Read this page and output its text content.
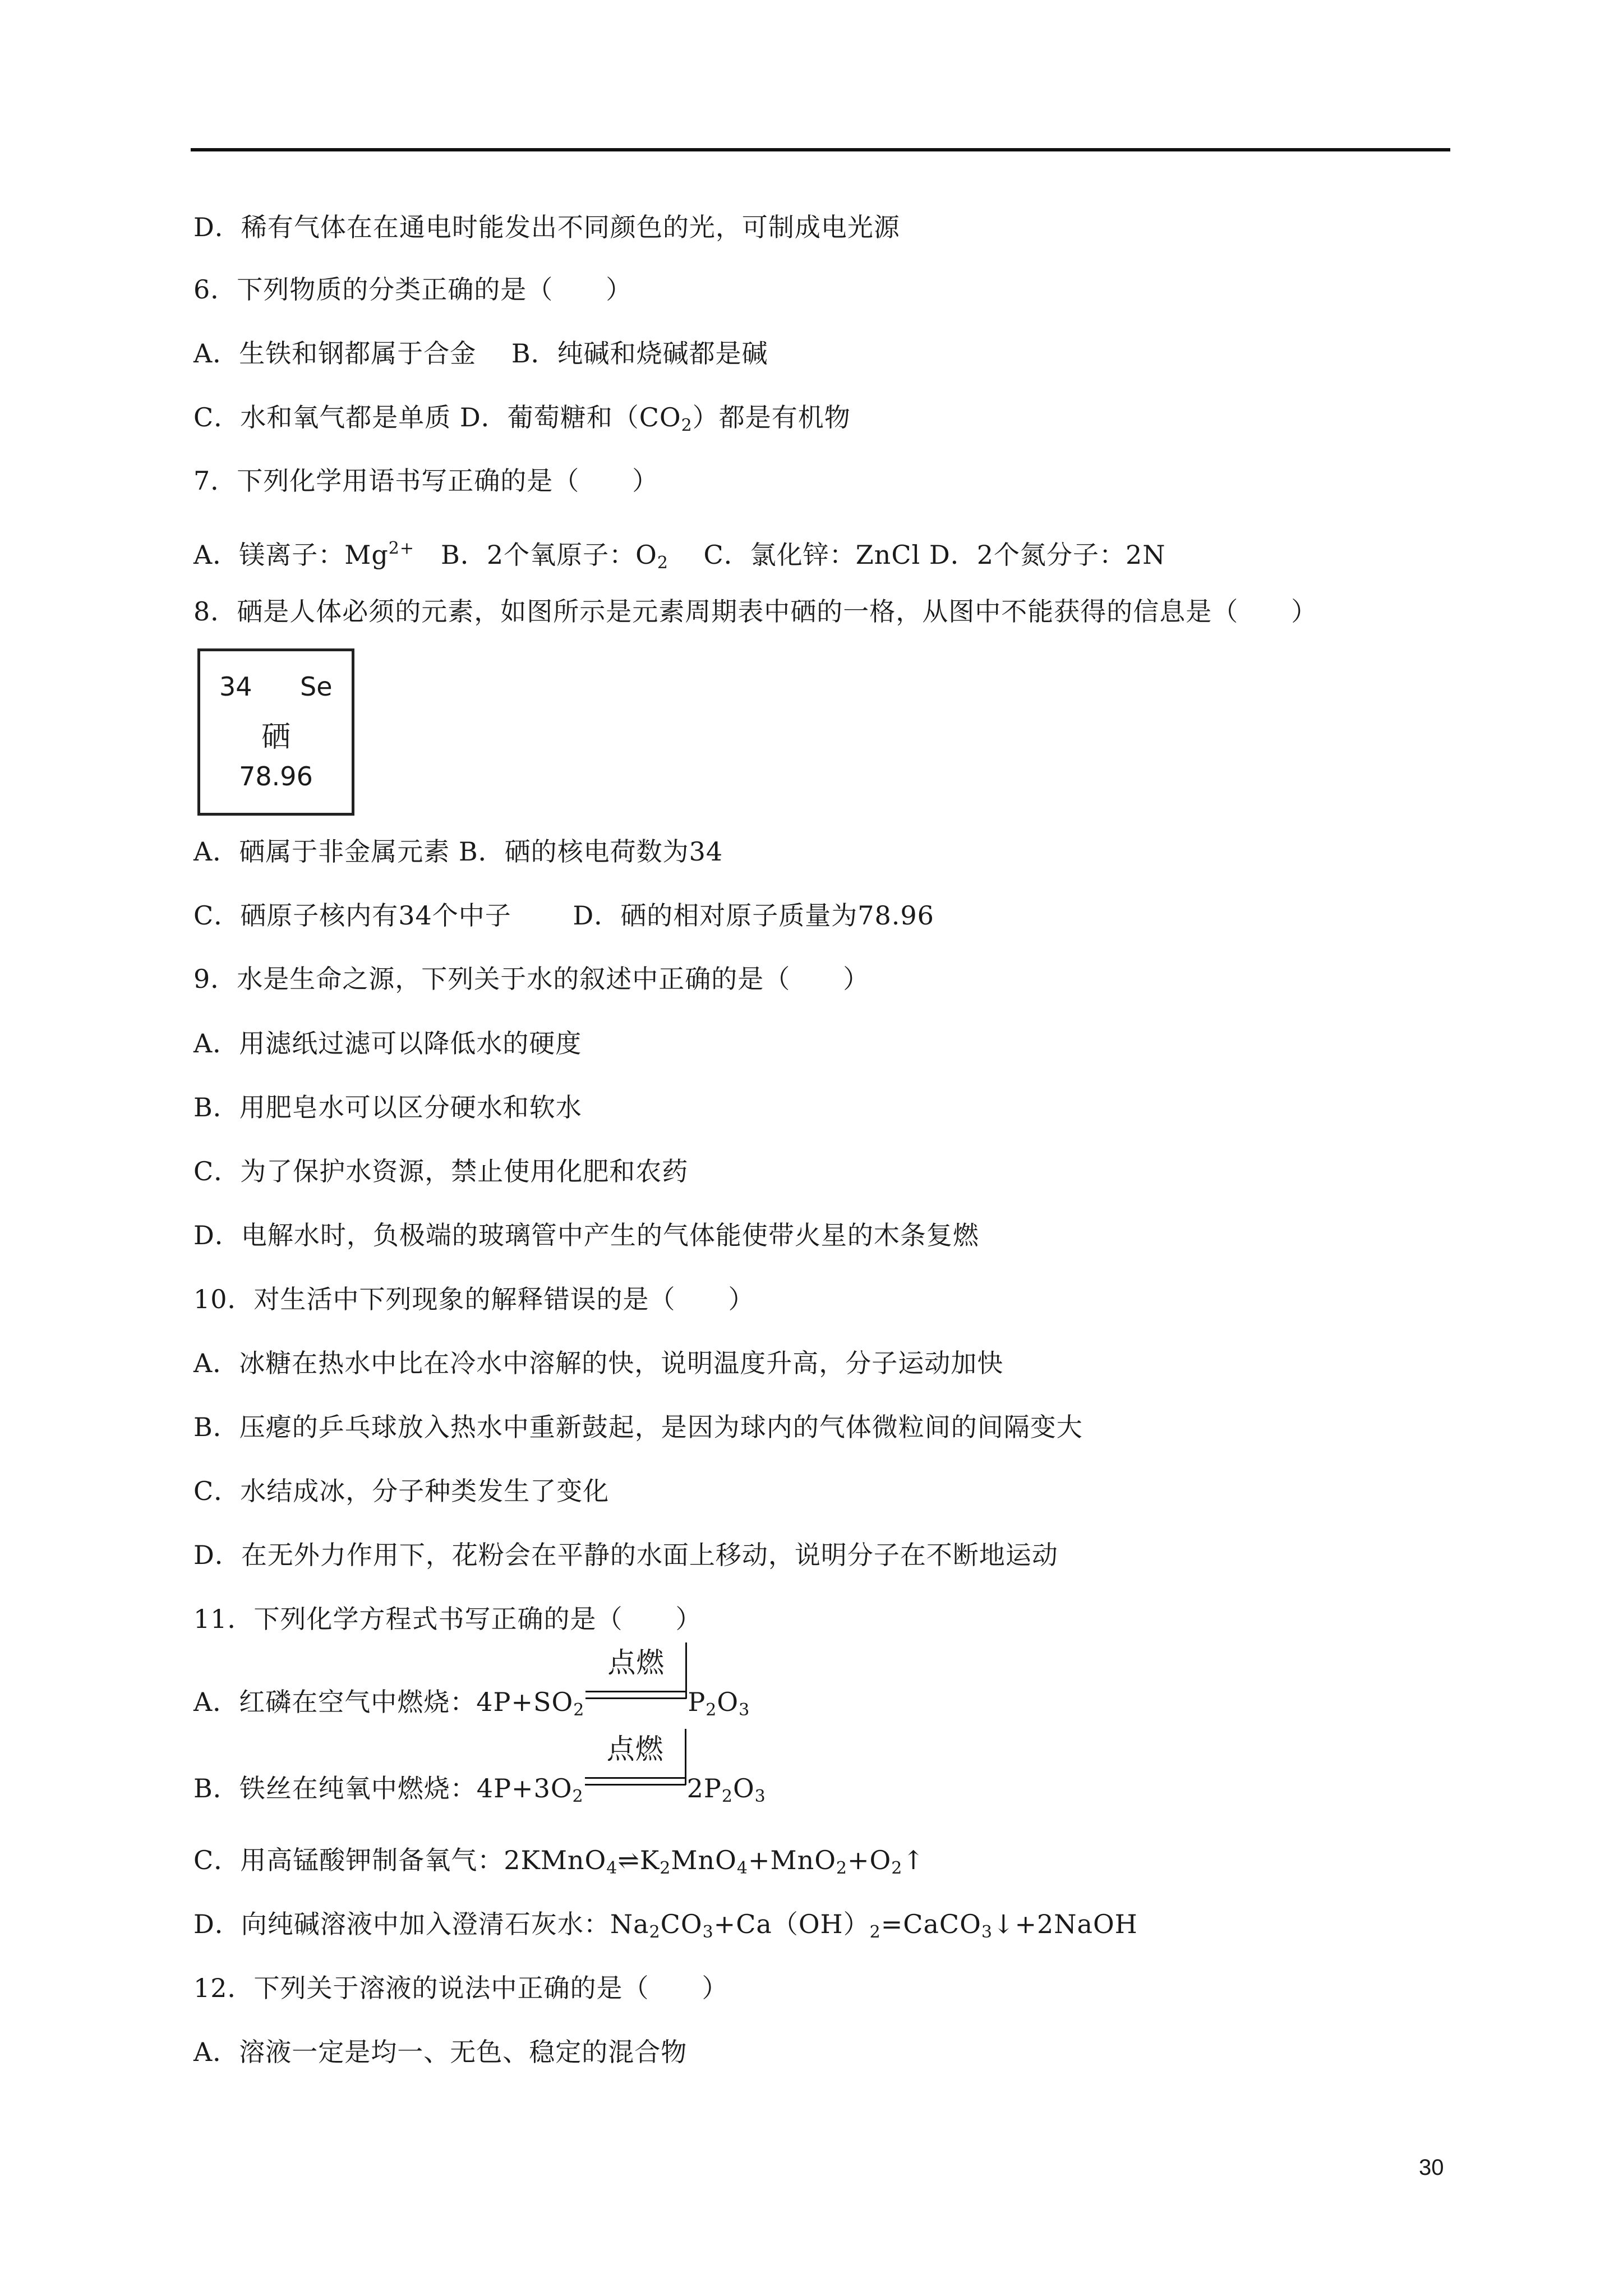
D．稀有气体在在通电时能发出不同颜色的光，可制成电光源
6．下列物质的分类正确的是（　　）
A．生铁和钢都属于合金　 B．纯碱和烧碱都是碱
C．水和氧气都是单质 D．葡萄糖和$(CO_2)$都是有机物
7．下列化学用语书写正确的是（　　）
A．镁离子：$Mg^{2+}$　B．2个氧原子：$O_2$　 C．氯化锌：ZnCl D．2个氮分子：2N
8．硒是人体必须的元素，如图所示是元素周期表中硒的一格，从图中不能获得的信息是（　　）
34 Se
硒
78.96
A．硒属于非金属元素 B．硒的核电荷数为34
C．硒原子核内有34个中子　　 D．硒的相对原子质量为78.96
9．水是生命之源，下列关于水的叙述中正确的是（　　）
A．用滤纸过滤可以降低水的硬度
B．用肥皂水可以区分硬水和软水
C．为了保护水资源，禁止使用化肥和农药
D．电解水时，负极端的玻璃管中产生的气体能使带火星的木条复燃
10．对生活中下列现象的解释错误的是（　　）
A．冰糖在热水中比在冷水中溶解的快，说明温度升高，分子运动加快
B．压瘪的乒乓球放入热水中重新鼓起，是因为球内的气体微粒间的间隔变大
C．水结成冰，分子种类发生了变化
D．在无外力作用下，花粉会在平静的水面上移动，说明分子在不断地运动
11．下列化学方程式书写正确的是（　　）
A．红磷在空气中燃烧：$4P+SO_2$
点燃
$P_2O_3$
B．铁丝在纯氧中燃烧：$4P+3O_2$
点燃
$2P_2O_3$
C．用高锰酸钾制备氧气：$2KMnO_4\rightleftharpoons K_2MnO_4+MnO_2+O_2↑$
D．向纯碱溶液中加入澄清石灰水：$Na_2CO_3+Ca(OH)_2=CaCO_3↓+2NaOH$
12．下列关于溶液的说法中正确的是（　　）
A．溶液一定是均一、无色、稳定的混合物
30
